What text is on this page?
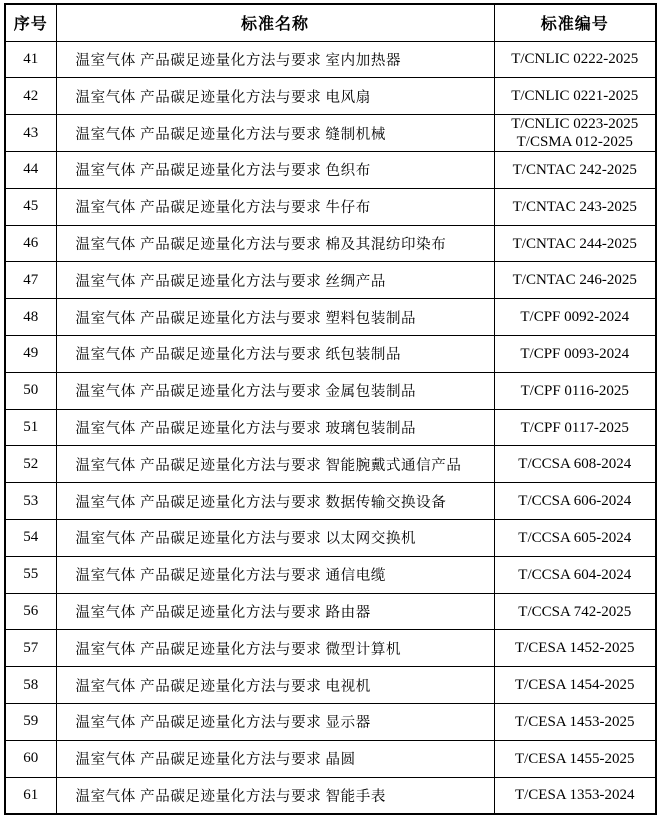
序号	标准名称	标准编号
41	温室气体 产品碳足迹量化方法与要求 室内加热器	T/CNLIC 0222-2025

42	温室气体 产品碳足迹量化方法与要求 电风扇	T/CNLIC 0221-2025

43	温室气体 产品碳足迹量化方法与要求 缝制机械	T/CNLIC 0223-2025
T/CSMA 012-2025

44	温室气体 产品碳足迹量化方法与要求 色织布	T/CNTAC 242-2025

45	温室气体 产品碳足迹量化方法与要求 牛仔布	T/CNTAC 243-2025

46	温室气体 产品碳足迹量化方法与要求 棉及其混纺印染布	T/CNTAC 244-2025

47	温室气体 产品碳足迹量化方法与要求 丝绸产品	T/CNTAC 246-2025

48	温室气体 产品碳足迹量化方法与要求 塑料包装制品	T/CPF 0092-2024

49	温室气体 产品碳足迹量化方法与要求 纸包装制品	T/CPF 0093-2024

50	温室气体 产品碳足迹量化方法与要求 金属包装制品	T/CPF 0116-2025

51	温室气体 产品碳足迹量化方法与要求 玻璃包装制品	T/CPF 0117-2025

52	温室气体 产品碳足迹量化方法与要求 智能腕戴式通信产品	T/CCSA 608-2024

53	温室气体 产品碳足迹量化方法与要求 数据传输交换设备	T/CCSA 606-2024

54	温室气体 产品碳足迹量化方法与要求 以太网交换机	T/CCSA 605-2024

55	温室气体 产品碳足迹量化方法与要求 通信电缆	T/CCSA 604-2024

56	温室气体 产品碳足迹量化方法与要求 路由器	T/CCSA 742-2025

57	温室气体 产品碳足迹量化方法与要求 微型计算机	T/CESA 1452-2025

58	温室气体 产品碳足迹量化方法与要求 电视机	T/CESA 1454-2025

59	温室气体 产品碳足迹量化方法与要求 显示器	T/CESA 1453-2025

60	温室气体 产品碳足迹量化方法与要求 晶圆	T/CESA 1455-2025

61	温室气体 产品碳足迹量化方法与要求 智能手表	T/CESA 1353-2024
